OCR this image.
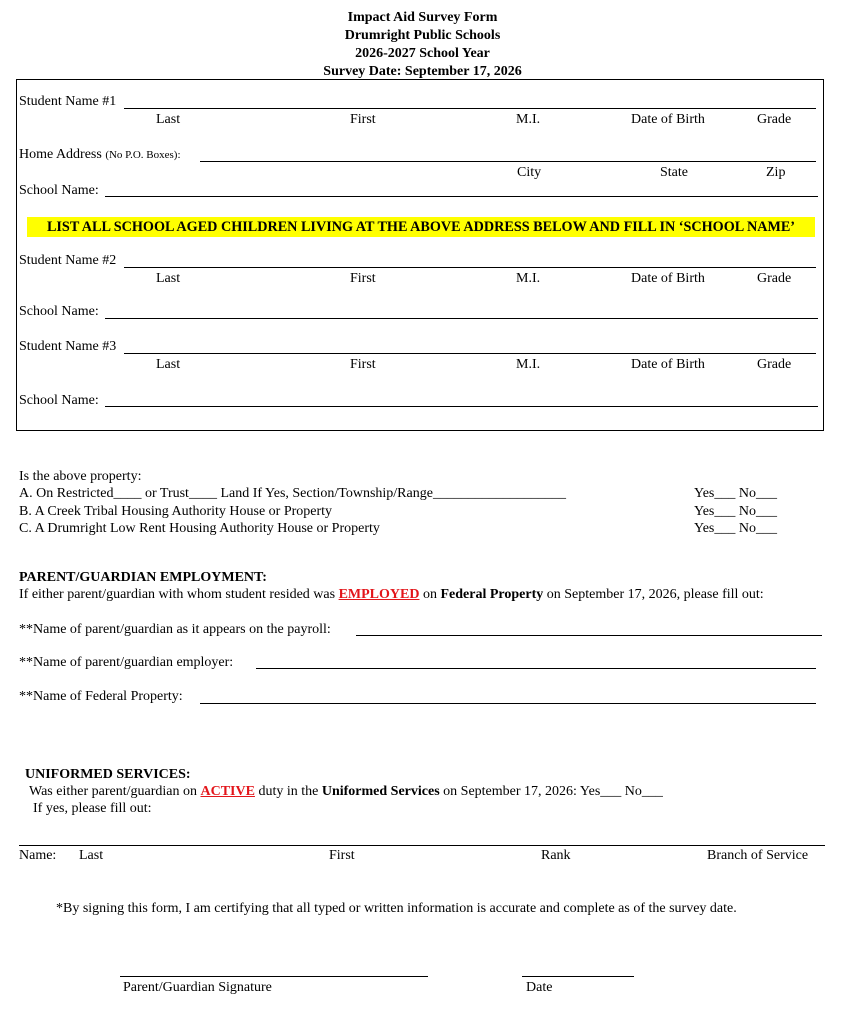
Impact Aid Survey Form
Drumright Public Schools
2026-2027 School Year
Survey Date: September 17, 2026
Student Name #1
Last	First	M.I.	Date of Birth	Grade
Home Address (No P.O. Boxes):
City	State	Zip
School Name:
LIST ALL SCHOOL AGED CHILDREN LIVING AT THE ABOVE ADDRESS BELOW AND FILL IN ‘SCHOOL NAME’
Student Name #2
Last	First	M.I.	Date of Birth	Grade
School Name:
Student Name #3
Last	First	M.I.	Date of Birth	Grade
School Name:
Is the above property:
A. On Restricted____ or Trust____ Land If Yes, Section/Township/Range___________________	Yes___ No___
B. A Creek Tribal Housing Authority House or Property	Yes___ No___
C. A Drumright Low Rent Housing Authority House or Property	Yes___ No___
PARENT/GUARDIAN EMPLOYMENT:
If either parent/guardian with whom student resided was EMPLOYED on Federal Property on September 17, 2026, please fill out:
**Name of parent/guardian as it appears on the payroll:
**Name of parent/guardian employer:
**Name of Federal Property:
UNIFORMED SERVICES:
Was either parent/guardian on ACTIVE duty in the Uniformed Services on September 17, 2026: Yes___ No___
If yes, please fill out:
Name: Last	First	Rank	Branch of Service
*By signing this form, I am certifying that all typed or written information is accurate and complete as of the survey date.
Parent/Guardian Signature	Date
